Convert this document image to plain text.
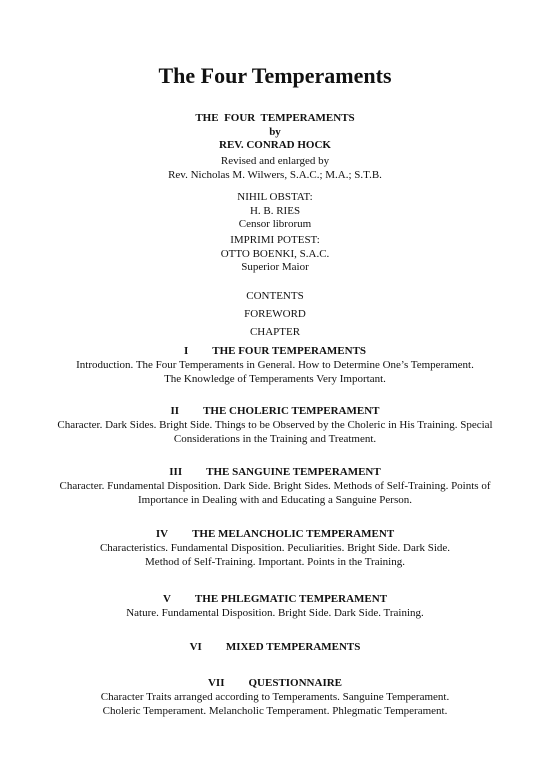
The Four Temperaments
THE  FOUR  TEMPERAMENTS
by
REV. CONRAD HOCK
Revised and enlarged by
Rev. Nicholas M. Wilwers, S.A.C.; M.A.; S.T.B.
NIHIL OBSTAT:
H. B. RIES
Censor librorum
IMPRIMI POTEST:
OTTO BOENKI, S.A.C.
Superior Maior
CONTENTS
FOREWORD
CHAPTER
I THE FOUR TEMPERAMENTS
Introduction. The Four Temperaments in General. How to Determine One’s Temperament.
The Knowledge of Temperaments Very Important.
II THE CHOLERIC TEMPERAMENT
Character. Dark Sides. Bright Side. Things to be Observed by the Choleric in His Training. Special
Considerations in the Training and Treatment.
III THE SANGUINE TEMPERAMENT
Character. Fundamental Disposition. Dark Side. Bright Sides. Methods of Self-Training. Points of
Importance in Dealing with and Educating a Sanguine Person.
IV THE MELANCHOLIC TEMPERAMENT
Characteristics. Fundamental Disposition. Peculiarities. Bright Side. Dark Side.
Method of Self-Training. Important. Points in the Training.
V THE PHLEGMATIC TEMPERAMENT
Nature. Fundamental Disposition. Bright Side. Dark Side. Training.
VI MIXED TEMPERAMENTS
VII QUESTIONNAIRE
Character Traits arranged according to Temperaments. Sanguine Temperament.
Choleric Temperament. Melancholic Temperament. Phlegmatic Temperament.
